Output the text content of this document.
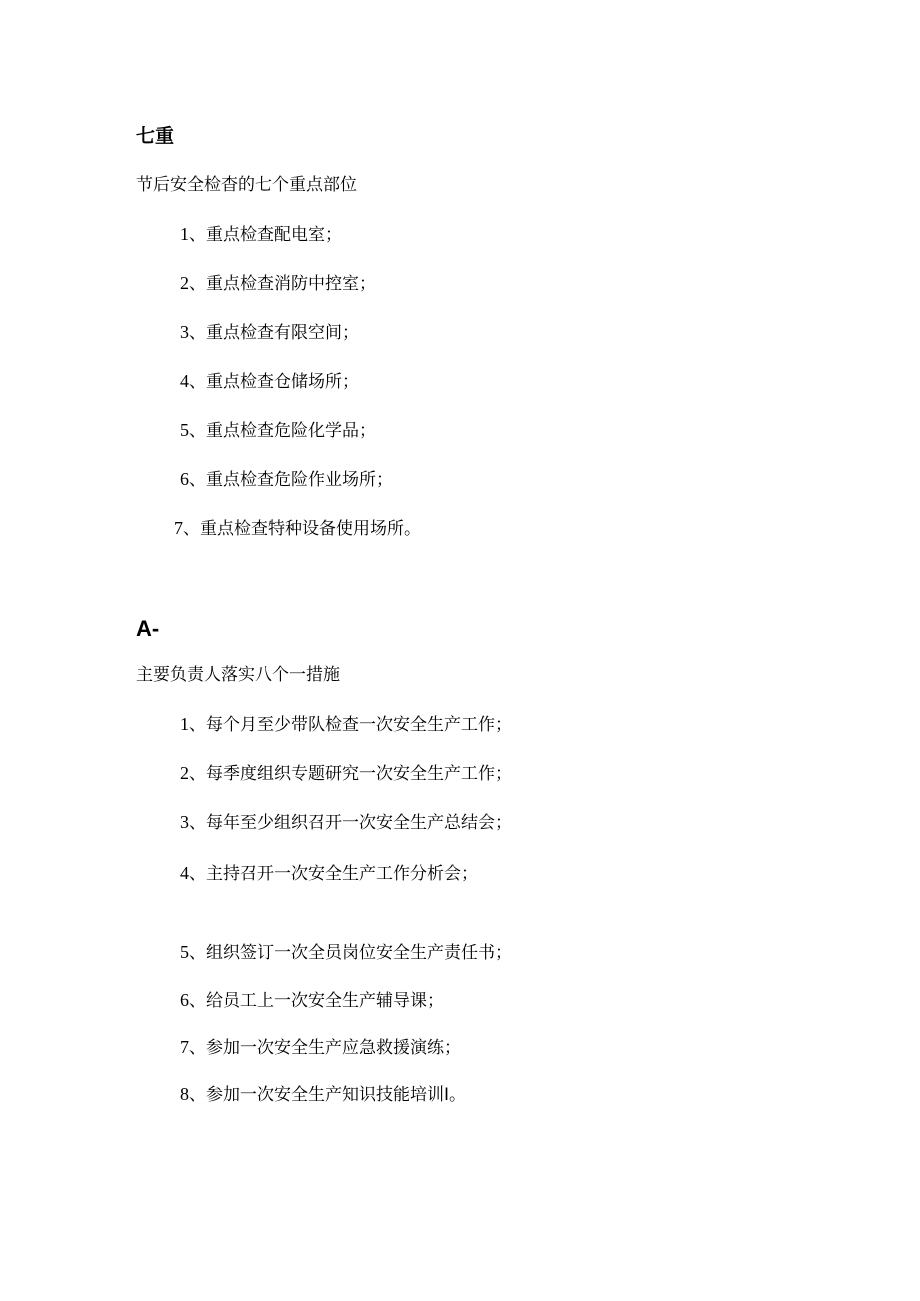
七重
节后安全检杳的七个重点部位
1、重点检查配电室；
2、重点检查消防中控室；
3、重点检查有限空间；
4、重点检查仓储场所；
5、重点检查危险化学品；
6、重点检查危险作业场所；
7、重点检查特种设备使用场所。
A-
主要负责人落实八个一措施
1、每个月至少带队检查一次安全生产工作；
2、每季度组织专题研究一次安全生产工作；
3、每年至少组织召开一次安全生产总结会；
4、主持召开一次安全生产工作分析会；
5、组织签订一次全员岗位安全生产责任书；
6、给员工上一次安全生产辅导课；
7、参加一次安全生产应急救援演练；
8、参加一次安全生产知识技能培训I。
